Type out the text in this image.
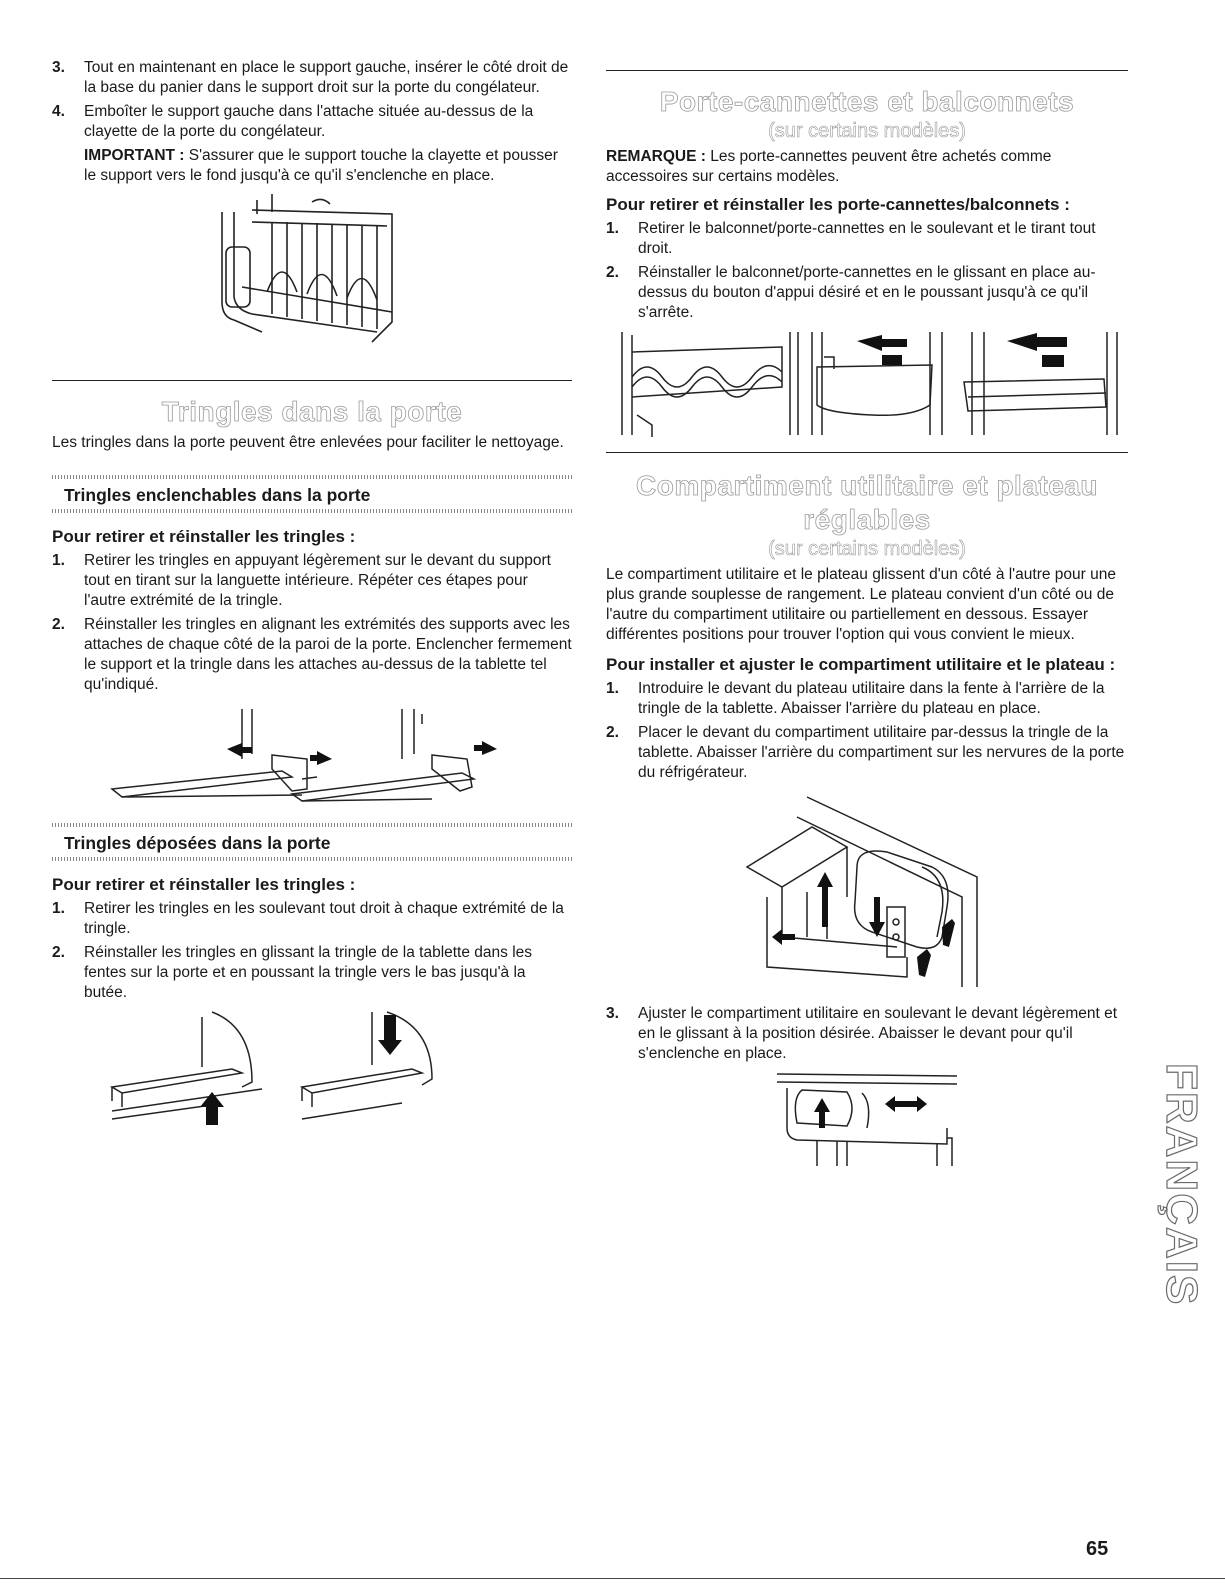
3. Tout en maintenant en place le support gauche, insérer le côté droit de la base du panier dans le support droit sur la porte du congélateur.
4. Emboîter le support gauche dans l'attache située au-dessus de la clayette de la porte du congélateur.

IMPORTANT : S'assurer que le support touche la clayette et pousser le support vers le fond jusqu'à ce qu'il s'enclenche en place.

Tringles dans la porte

Les tringles dans la porte peuvent être enlevées pour faciliter le nettoyage.

Tringles enclenchables dans la porte
Pour retirer et réinstaller les tringles :
1. Retirer les tringles en appuyant légèrement sur le devant du support tout en tirant sur la languette intérieure. Répéter ces étapes pour l'autre extrémité de la tringle.
2. Réinstaller les tringles en alignant les extrémités des supports avec les attaches de chaque côté de la paroi de la porte. Enclencher fermement le support et la tringle dans les attaches au-dessus de la tablette tel qu'indiqué.
Tringles déposées dans la porte
Pour retirer et réinstaller les tringles :
1. Retirer les tringles en les soulevant tout droit à chaque extrémité de la tringle.
2. Réinstaller les tringles en glissant la tringle de la tablette dans les fentes sur la porte et en poussant la tringle vers le bas jusqu'à la butée.
Porte-cannettes et balconnets

(sur certains modèles)

REMARQUE : Les porte-cannettes peuvent être achetés comme accessoires sur certains modèles.

Pour retirer et réinstaller les porte-cannettes/balconnets :
1. Retirer le balconnet/porte-cannettes en le soulevant et le tirant tout droit.
2. Réinstaller le balconnet/porte-cannettes en le glissant en place au-dessus du bouton d'appui désiré et en le poussant jusqu'à ce qu'il s'arrête.
Compartiment utilitaire et plateau réglables

(sur certains modèles)

Le compartiment utilitaire et le plateau glissent d'un côté à l'autre pour une plus grande souplesse de rangement. Le plateau convient d'un côté ou de l'autre du compartiment utilitaire ou partiellement en dessous. Essayer différentes positions pour trouver l'option qui vous convient le mieux.

Pour installer et ajuster le compartiment utilitaire et le plateau :
1. Introduire le devant du plateau utilitaire dans la fente à l'arrière de la tringle de la tablette. Abaisser l'arrière du plateau en place.
2. Placer le devant du compartiment utilitaire par-dessus la tringle de la tablette. Abaisser l'arrière du compartiment sur les nervures de la porte du réfrigérateur.
3. Ajuster le compartiment utilitaire en soulevant le devant légèrement et en le glissant à la position désirée. Abaisser le devant pour qu'il s'enclenche en place.
FRANÇAIS
65
